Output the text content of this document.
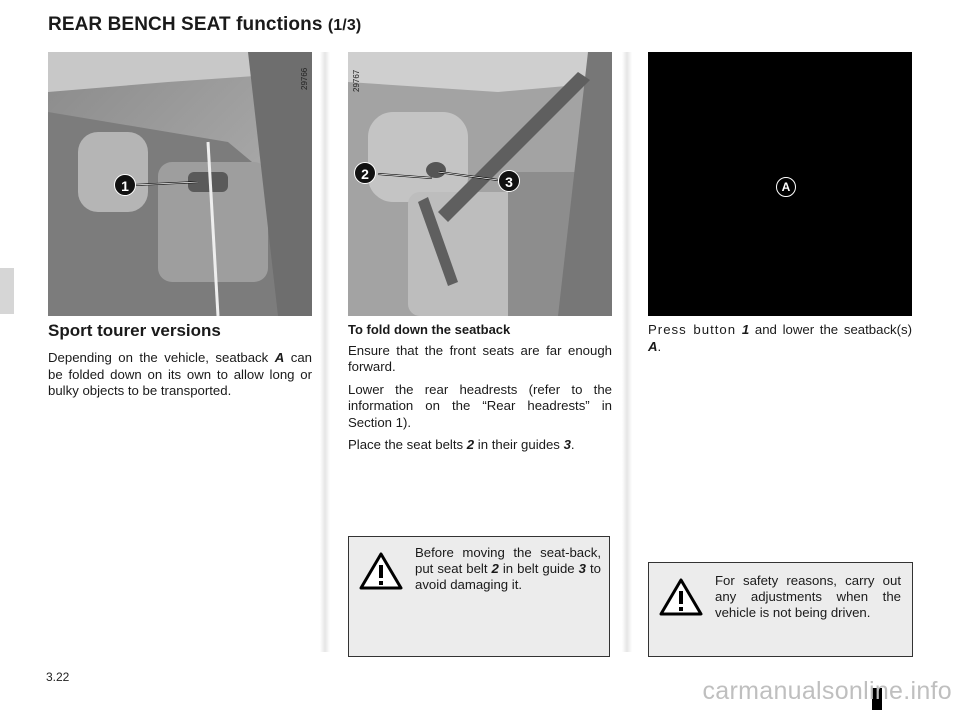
REAR BENCH SEAT functions (1/3)
29766
1
29767
2	3	A
Sport tourer versions

Depending on the vehicle, seatback A can be folded down on its own to allow long or bulky objects to be transported.

To fold down the seatback

Ensure that the front seats are far enough forward.

Lower the rear headrests (refer to the information on the “Rear headrests” in Section 1).

Place the seat belts 2 in their guides 3.

Before moving the seat-back, put seat belt 2 in belt guide 3 to avoid damaging it.

Press button 1 and lower the seatback(s) A.

For safety reasons, carry out any adjustments when the vehicle is not being driven.
3.22	carmanualsonline.info
